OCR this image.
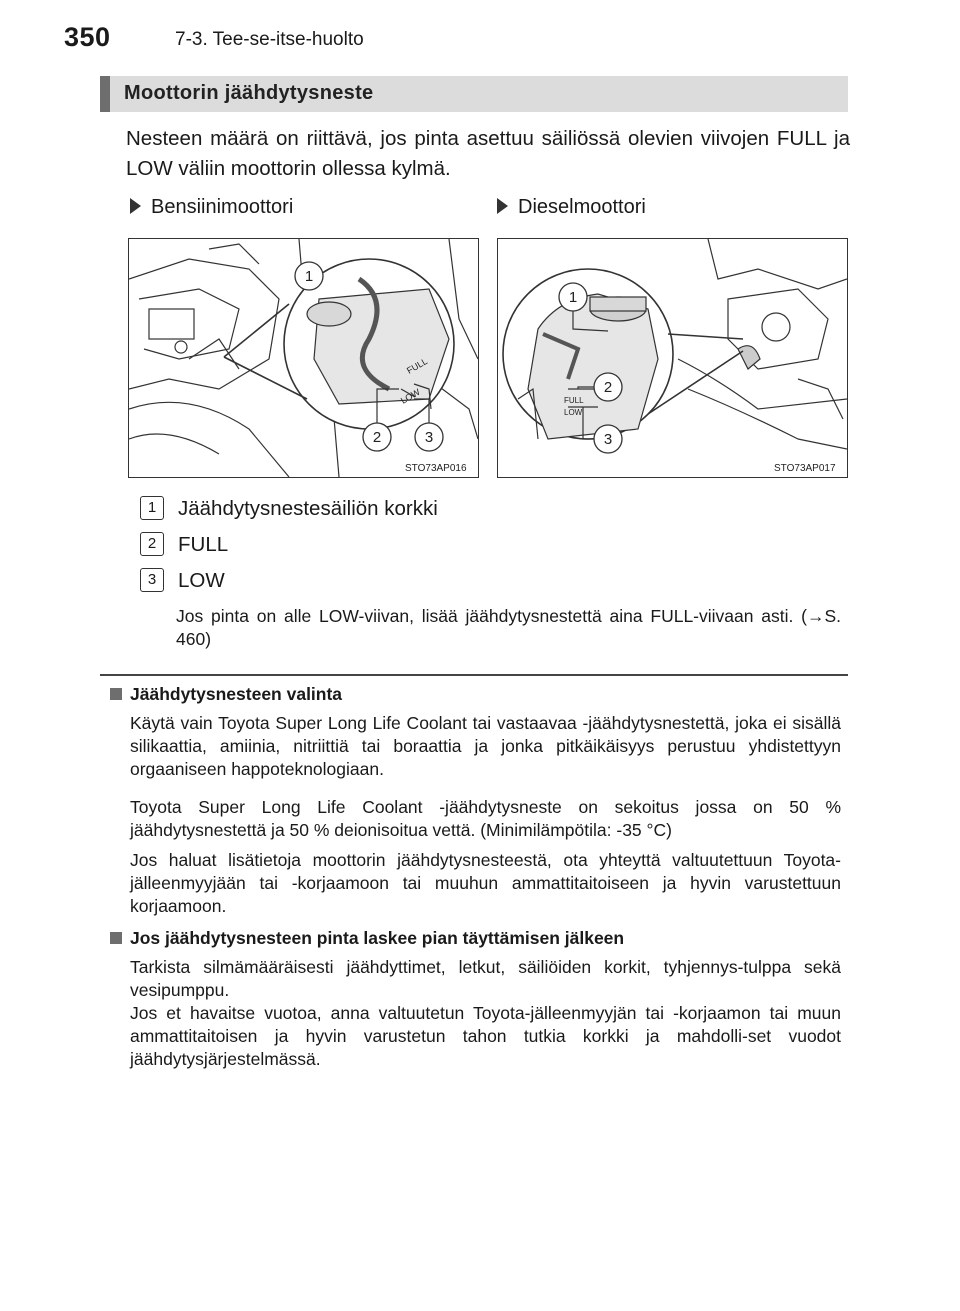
350	7-3. Tee-se-itse-huolto
Moottorin jäähdytysneste
Nesteen määrä on riittävä, jos pinta asettuu säiliössä olevien viivojen FULL ja LOW väliin moottorin ollessa kylmä.
Bensiinimoottori	Dieselmoottori
1
2	3
FULL
LOW
STO73AP016
1
2
3
FULL
LOW
STO73AP017
1 Jäähdytysnestesäiliön korkki
2 FULL
3 LOW
Jos pinta on alle LOW-viivan, lisää jäähdytysnestettä aina FULL-viivaan asti. (→S. 460)
Jäähdytysnesteen valinta
Käytä vain Toyota Super Long Life Coolant tai vastaavaa -jäähdytysnestettä, joka ei sisällä silikaattia, amiinia, nitriittiä tai boraattia ja jonka pitkäikäisyys perustuu yhdistettyyn orgaaniseen happoteknologiaan.
Toyota Super Long Life Coolant -jäähdytysneste on sekoitus jossa on 50 % jäähdytysnestettä ja 50 % deionisoitua vettä. (Minimilämpötila: -35 °C)
Jos haluat lisätietoja moottorin jäähdytysnesteestä, ota yhteyttä valtuutettuun Toyota-jälleenmyyjään tai -korjaamoon tai muuhun ammattitaitoiseen ja hyvin varustettuun korjaamoon.
Jos jäähdytysnesteen pinta laskee pian täyttämisen jälkeen
Tarkista silmämääräisesti jäähdyttimet, letkut, säiliöiden korkit, tyhjennys-tulppa sekä vesipumppu.
Jos et havaitse vuotoa, anna valtuutetun Toyota-jälleenmyyjän tai -korjaamon tai muun ammattitaitoisen ja hyvin varustetun tahon tutkia korkki ja mahdolli-set vuodot jäähdytysjärjestelmässä.
